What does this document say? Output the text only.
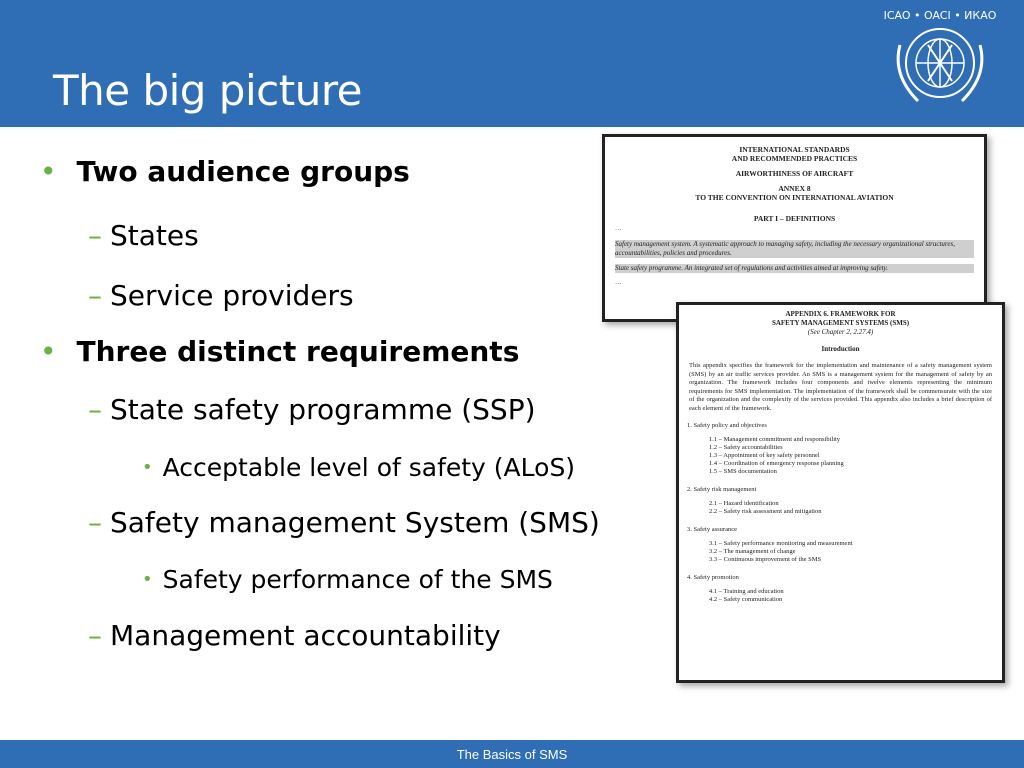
The big picture
ICAO • OACI • ИКАО
• Two audience groups
– States
– Service providers
• Three distinct requirements
– State safety programme (SSP)
• Acceptable level of safety (ALoS)
– Safety management System (SMS)
• Safety performance of the SMS
– Management accountability
INTERNATIONAL STANDARDS
AND RECOMMENDED PRACTICES
AIRWORTHINESS OF AIRCRAFT
ANNEX 8
TO THE CONVENTION ON INTERNATIONAL AVIATION
PART I – DEFINITIONS
…
Safety management system. A systematic approach to managing safety, including the necessary organizational structures, accountabilities, policies and procedures.
State safety programme. An integrated set of regulations and activities aimed at improving safety.
…
APPENDIX 6. FRAMEWORK FOR
SAFETY MANAGEMENT SYSTEMS (SMS)
(See Chapter 2, 2.27.4)
Introduction
This appendix specifies the framework for the implementation and maintenance of a safety management system (SMS) by an air traffic services provider. An SMS is a management system for the management of safety by an organization. The framework includes four components and twelve elements representing the minimum requirements for SMS implementation. The implementation of the framework shall be commensurate with the size of the organization and the complexity of the services provided. This appendix also includes a brief description of each element of the framework.
1. Safety policy and objectives
1.1 – Management commitment and responsibility
1.2 – Safety accountabilities
1.3 – Appointment of key safety personnel
1.4 – Coordination of emergency response planning
1.5 – SMS documentation
2. Safety risk management
2.1 – Hazard identification
2.2 – Safety risk assessment and mitigation
3. Safety assurance
3.1 – Safety performance monitoring and measurement
3.2 – The management of change
3.3 – Continuous improvement of the SMS
4. Safety promotion
4.1 – Training and education
4.2 – Safety communication
The Basics of SMS
